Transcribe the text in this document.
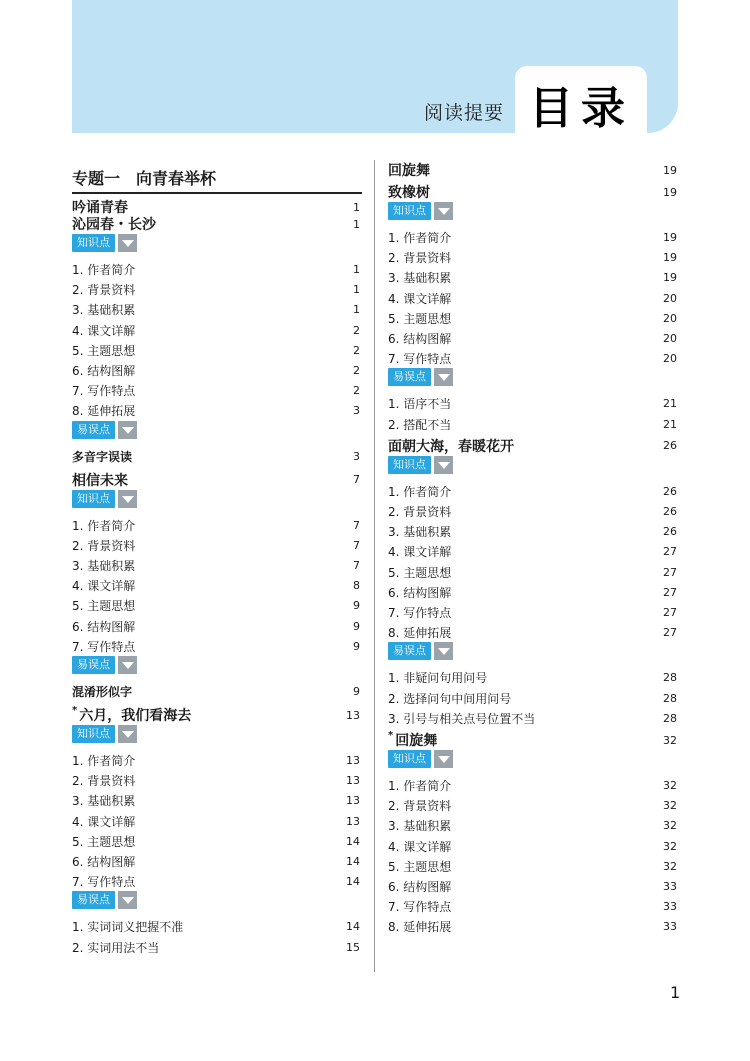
阅读提要 目录
专题一　向青春举杯
吟诵青春	1
沁园春・长沙	1
知识点
1. 作者简介	1
2. 背景资料	1
3. 基础积累	1
4. 课文详解	2
5. 主题思想	2
6. 结构图解	2
7. 写作特点	2
8. 延伸拓展	3
易误点
多音字误读	3
相信未来	7
知识点
1. 作者简介	7
2. 背景资料	7
3. 基础积累	7
4. 课文详解	8
5. 主题思想	9
6. 结构图解	9
7. 写作特点	9
易误点
混淆形似字	9
* 六月，我们看海去	13
知识点
1. 作者简介	13
2. 背景资料	13
3. 基础积累	13
4. 课文详解	13
5. 主题思想	14
6. 结构图解	14
7. 写作特点	14
易误点
1. 实词词义把握不准	14
2. 实词用法不当	15
回旋舞	19
致橡树	19
知识点
1. 作者简介	19
2. 背景资料	19
3. 基础积累	19
4. 课文详解	20
5. 主题思想	20
6. 结构图解	20
7. 写作特点	20
易误点
1. 语序不当	21
2. 搭配不当	21
面朝大海，春暖花开	26
知识点
1. 作者简介	26
2. 背景资料	26
3. 基础积累	26
4. 课文详解	27
5. 主题思想	27
6. 结构图解	27
7. 写作特点	27
8. 延伸拓展	27
易误点
1. 非疑问句用问号	28
2. 选择问句中间用问号	28
3. 引号与相关点号位置不当	28
* 回旋舞	32
知识点
1. 作者简介	32
2. 背景资料	32
3. 基础积累	32
4. 课文详解	32
5. 主题思想	32
6. 结构图解	33
7. 写作特点	33
8. 延伸拓展	33
1
